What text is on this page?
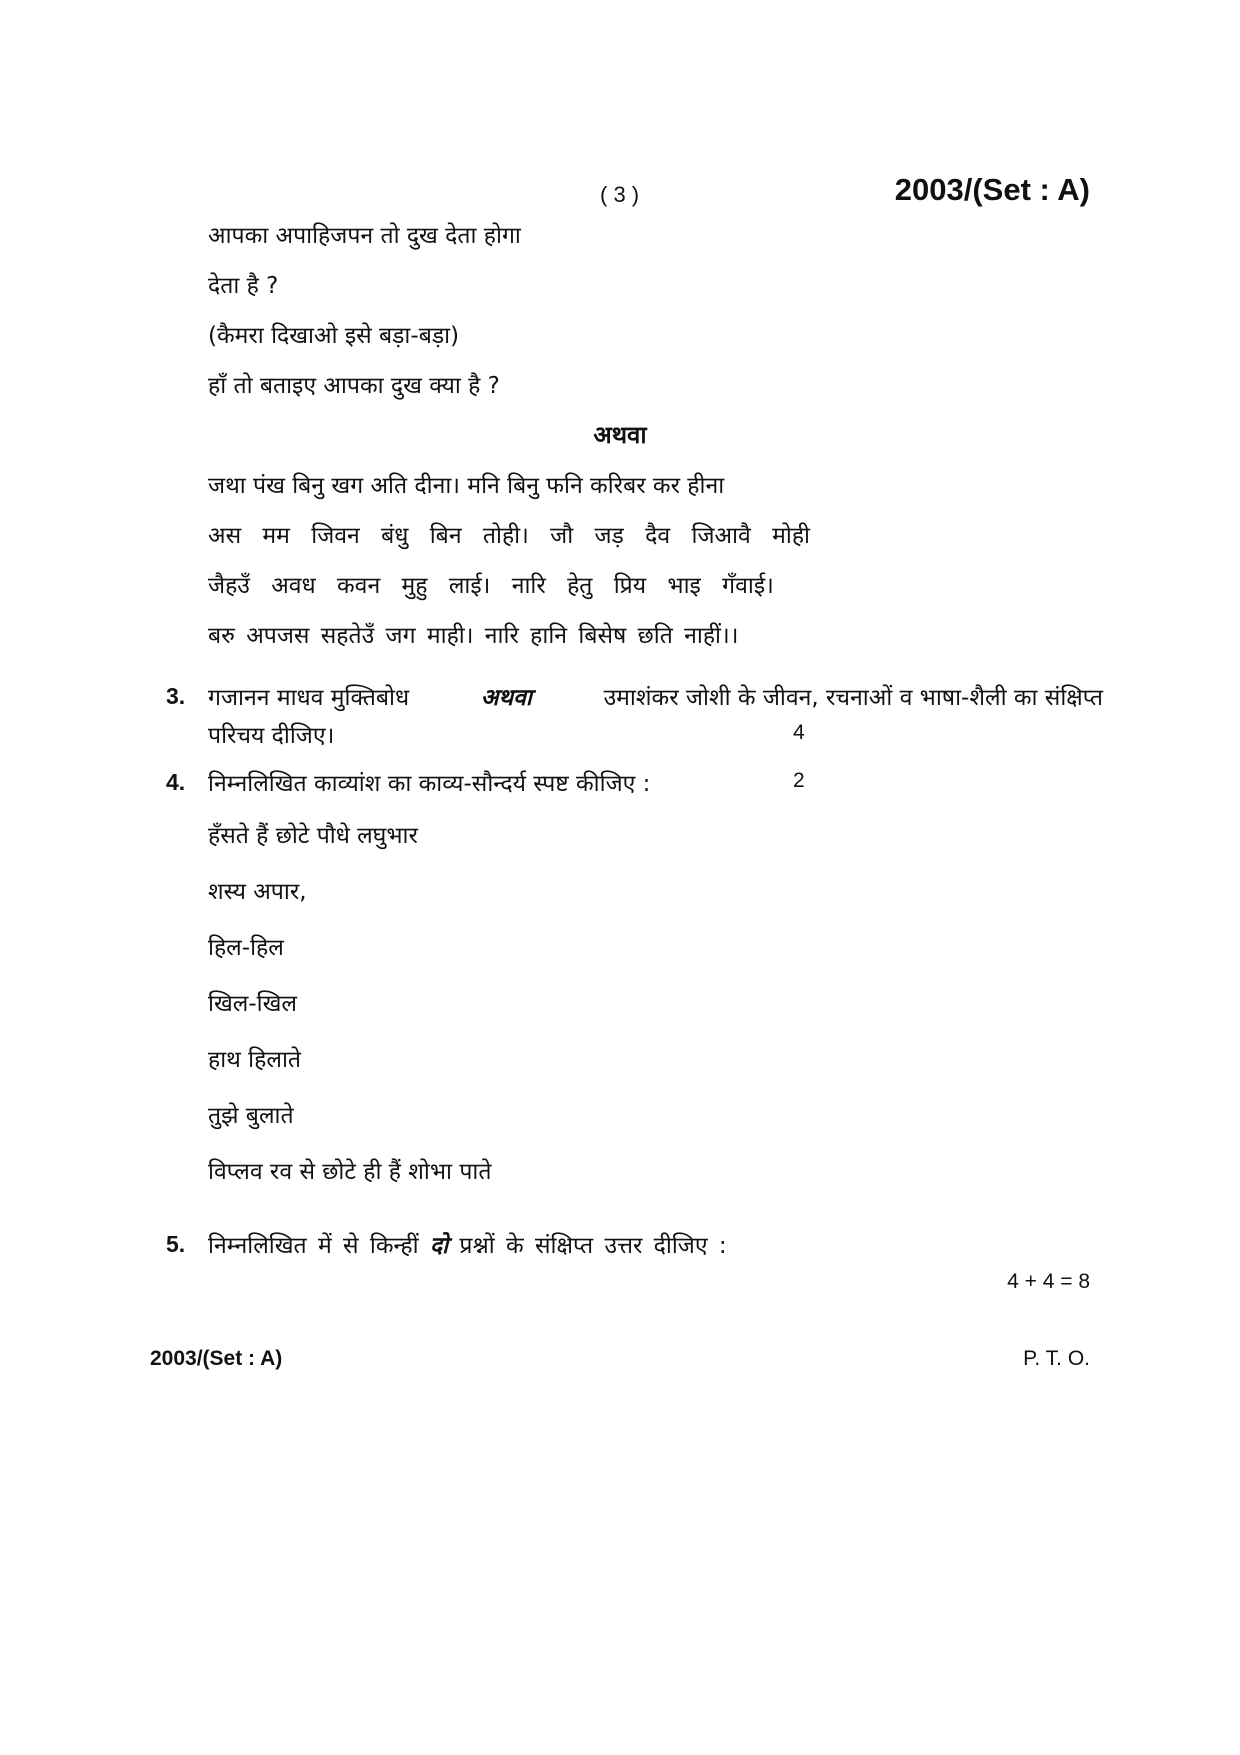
( 3 )	2003/(Set : A)
आपका अपाहिजपन तो दुख देता होगा
देता है ?
(कैमरा दिखाओ इसे बड़ा-बड़ा)
हाँ तो बताइए आपका दुख क्या है ?
अथवा
जथा पंख बिनु खग अति दीना। मनि बिनु फनि करिबर कर हीना
अस मम जिवन बंधु बिन तोही। जौ जड़ दैव जिआवै मोही
जैहउँ अवध कवन मुहु लाई। नारि हेतु प्रिय भाइ गँवाई।
बरु अपजस सहतेउँ जग माही। नारि हानि बिसेष छति नाहीं।।
3. गजानन माधव मुक्तिबोध	अथवा	उमाशंकर जोशी के जीवन, रचनाओं व भाषा-शैली का संक्षिप्त
परिचय दीजिए।	4
4. निम्नलिखित काव्यांश का काव्य-सौन्दर्य स्पष्ट कीजिए :	2
हँसते हैं छोटे पौधे लघुभार
शस्य अपार,
हिल-हिल
खिल-खिल
हाथ हिलाते
तुझे बुलाते
विप्लव रव से छोटे ही हैं शोभा पाते
5. निम्नलिखित में से किन्हीं दो प्रश्नों के संक्षिप्त उत्तर दीजिए :
4 + 4 = 8
2003/(Set : A)	P. T. O.
